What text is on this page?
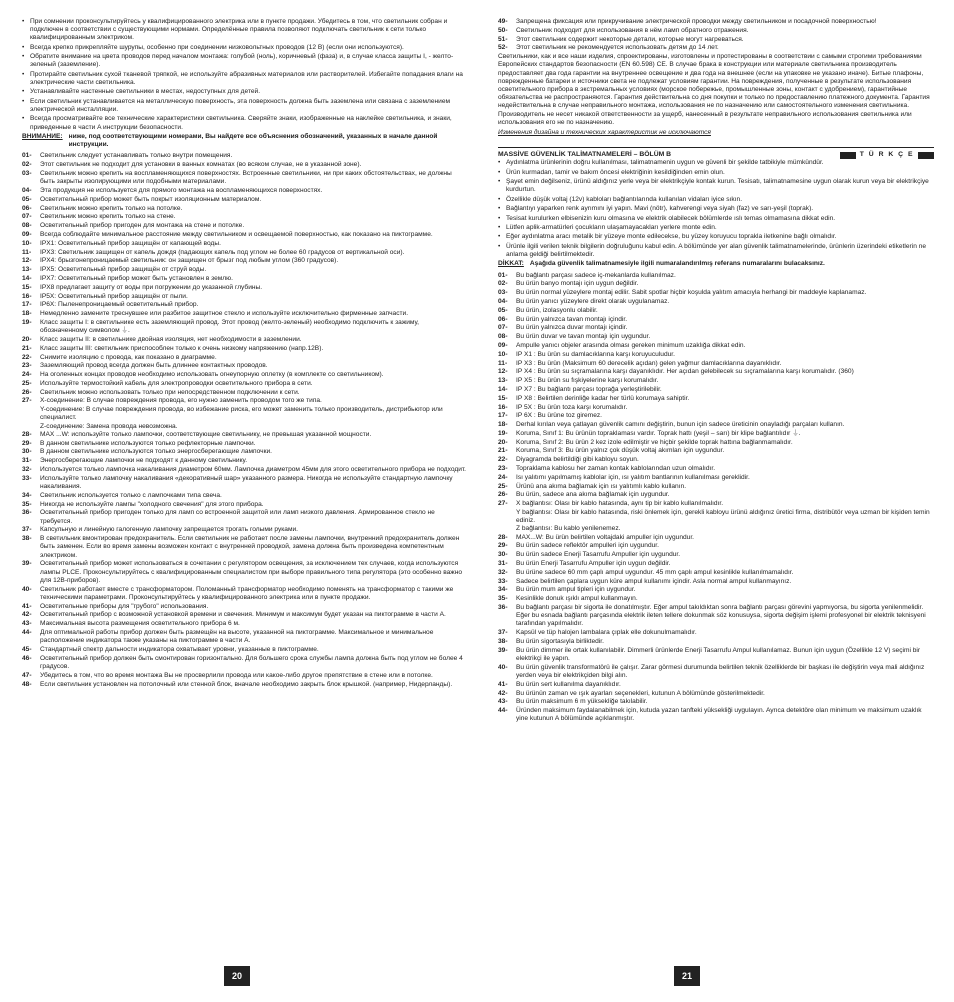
• При сомнении проконсультируйтесь у квалифицированного электрика или в пункте продажи. Убедитесь в том, что светильник собран и подключен в соответствии с существующими нормами. Определённые правила позволяют подключать светильник к сети только квалифицированным электриком.

• Всегда крепко прикрепляйте шурупы, особенно при соединении низковольтных проводов (12 В) (если они используются).

• Обратите внимание на цвета проводов перед началом монтажа: голубой (ноль), коричневый (фаза) и, в случае класса защиты I, - желто-зеленый (заземление).

• Протирайте светильник сухой тканевой тряпкой, не используйте абразивных материалов или растворителей. Избегайте попадания влаги на электрические части светильника.

• Устанавливайте настенные светильники в местах, недоступных для детей.

• Если светильник устанавливается на металлическую поверхность, эта поверхность должна быть заземлена или связана с заземлением электрической инсталляции.

• Всегда просматривайте все технические характеристики светильника. Сверяйте знаки, изображенные на наклейке светильника, и знаки, приведенные в части A инструкции безопасности.

ВНИМАНИЕ: ниже, под соответствующими номерами, Вы найдете все объяснения обозначений, указанных в начале данной инструкции.
01- Светильник следует устанавливать только внутри помещения.
02- Этот светильник не подходит для установки в ванных комнатах (во всяком случае, не в указанной зоне).
03- Светильник можно крепить на воспламеняющихся поверхностях. Встроенные светильники, ни при каких обстоятельствах, не должны быть закрыты изолирующими или подобными материалами.
04- Эта продукция не используется для прямого монтажа на воспламеняющихся поверхностях.
05- Осветительный прибор может быть покрыт изоляционным материалом.
06- Светильник можно крепить только на потолке.
07- Светильник можно крепить только на стене.
08- Осветительный прибор пригоден для монтажа на стене и потолке.
09- Всегда соблюдайте минимальное расстояние между светильником и освещаемой поверхностью, как показано на пиктограмме.
10- IPX1: Осветительный прибор защищён от капающей воды.
11- IPX3: Светильник защищен от капель дождя (падающих капель под углом не более 60 градусов от вертикальной оси).
12- IPX4: брызгонепроницаемый светильник: он защищен от брызг под любым углом (360 градусов).
13- IPX5: Осветительный прибор защищён от струй воды.
14- IPX7: Осветительный прибор может быть установлен в землю.
15- IPX8 предлагает защиту от воды при погружении до указанной глубины.
16- IP5X: Осветительный прибор защищён от пыли.
17- IP6X: Пыленепроницаемый осветительный прибор.
18- Немедленно замените треснувшее или разбитое защитное стекло и используйте исключительно фирменные запчасти.
19- Класс защиты I: в светильнике есть заземляющий провод. Этот провод (желто-зеленый) необходимо подключить к зажиму, обозначенному символом ⏚.
20- Класс защиты II: в светильнике двойная изоляция, нет необходимости в заземлении.
21- Класс защиты III: светильник приспособлен только к очень низкому напряжению (напр.12В).
22- Снимите изоляцию с провода, как показано в диаграмме.
23- Заземляющий провод всегда должен быть длиннее контактных проводов.
24- На оголенных концах проводов необходимо использовать огнеупорную оплетку (в комплекте со светильником).
25- Используйте термостойкий кабель для электропроводки осветительного прибора в сети.
26- Светильник можно использовать только при непосредственном подключении к сети.
27- X-соединение: В случае повреждения провода, его нужно заменить проводом того же типа.

Y-соединение: В случае повреждения провода, во избежание риска, его может заменить только производитель, дистрибьютор или специалист.

Z-соединение: Замена провода невозможна.

28- MAX ...W: используйте только лампочки, соответствующие светильнику, не превышая указанной мощности.
29- В данном светильнике используются только рефлекторные лампочки.
30- В данном светильнике используются только энергосберегающие лампочки.
31- Энергосберегающие лампочки не подходят к данному светильнику.
32- Используется только лампочка накаливания диаметром 60мм. Лампочка диаметром 45мм для этого осветительного прибора не подходит.
33- Используйте только лампочку накаливания «декоративный шар» указанного размера. Никогда не используйте стандартную лампочку накаливания.
34- Светильник используется только с лампочками типа свеча.
35- Никогда не используйте лампы "холодного свечения" для этого прибора.
36- Осветительный прибор пригоден только для ламп со встроенной защитой или ламп низкого давления. Армированное стекло не требуется.
37- Капсульную и линейную галогенную лампочку запрещается трогать голыми руками.
38- В светильник вмонтирован предохранитель. Если светильник не работает после замены лампочки, внутренний предохранитель должен быть заменен. Если во время замены возможен контакт с внутренней проводкой, замена должна быть произведена компетентным электриком.
39- Осветительный прибор может использоваться в сочетании с регулятором освещения, за исключением тех случаев, когда используются лампы PLCE. Проконсультируйтесь с квалифицированным специалистом при выборе правильного типа регулятора (это особенно важно для 12В-приборов).
40- Светильник работает вместе с трансформатором. Поломанный трансформатор необходимо поменять на трансформатор с такими же техническими параметрами. Проконсультируйтесь у квалифицированного электрика или в пункте продажи.
41- Осветительные приборы для "грубого" использования.
42- Осветительный прибор с возможной установкой времени и свечения. Минимум и максимум будет указан на пиктограмме в части A.
43- Максимальная высота размещения осветительного прибора 6 м.
44- Для оптимальной работы прибор должен быть размещён на высоте, указанной на пиктограмме. Максимальное и минимальное расположение индикатора также указаны на пиктограмме в части A.
45- Стандартный спектр дальности индикатора охватывает уровни, указанные в пиктограмме.
46- Осветительный прибор должен быть смонтирован горизонтально. Для большего срока службы лампа должна быть под углом не более 4 градусов.
47- Убедитесь в том, что во время монтажа Вы не просверлили провода или какое-либо другое препятствие в стене или в потолке.
48- Если светильник установлен на потолочный или стенной блок, вначале необходимо закрыть блок крышкой. (например, Нидерланды).
49- Запрещена фиксация или прикручивание электрической проводки между светильником и посадочной поверхностью!
50- Светильник подходит для использования в нём ламп обратного отражения.
51- Этот светильник содержит некоторые детали, которые могут нагреваться.
52- Этот светильник не рекомендуется использовать детям до 14 лет.

Светильники, как и все наши изделия, спроектированы, изготовлены и протестированы в соответствии с самыми строгими требованиями Европейских стандартов безопасности (EN 60.598) CE. В случае брака в конструкции или материале светильника производитель предоставляет два года гарантии на внутреннее освещение и два года на внешнее (если на упаковке не указано иначе). Битые плафоны, поврежденные батареи и источники света не подлежат условиям гарантии. На повреждения, полученные в результате использования осветительного прибора в экстремальных условиях (морское побережье, промышленные зоны, контакт с удобрением), гарантийные обязательства не распространяются. Гарантия действительна со дня покупки и только по предоставлению платежного документа. Гарантия недействительна в случае неправильного монтажа, использования не по назначению или самостоятельного изменения светильника. Производитель не несет никакой ответственности за ущерб, нанесенный в результате неправильного использования светильника или использования его не по назначению.

Изменения дизайна и технических характеристик не исключаются

MASSİVE GÜVENLİK TALİMATNAMELERİ – BÖLÜM B	T Ü R K Ç E

• Aydınlatma ürünlerinin doğru kullanılması, talimatnamenin uygun ve güvenli bir şekilde tatbikiyle mümkündür.

• Ürün kurmadan, tamir ve bakım öncesi elektriğinin kesildiğinden emin olun.

• Şayet emin değilseniz, ürünü aldığınız yerle veya bir elektrikçiyle kontak kurun. Tesisatı, talimatnamesine uygun olarak kurun veya bir elektrikçiye kurdurtun.

• Özellikle düşük voltaj (12v) kabloları bağlantılarında kullanılan vidaları iyice sıkın.

• Bağlantıyı yaparken renk ayrımını iyi yapın. Mavi (nötr), kahverengi veya siyah (faz) ve sarı-yeşil (toprak).

• Tesisat kurulurken elbisenizin kuru olmasına ve elektrik olabilecek bölümlerde ıslı temas olmamasına dikkat edin.

• Lütfen aplik-armatürleri çocukların ulaşamayacakları yerlere monte edin.

• Eğer aydınlatma aracı metalik bir yüzeye monte edilecekse, bu yüzey koruyucu toprakla iletkenine bağlı olmalıdır.

• Ürünle ilgili verilen teknik bilgilerin doğruluğunu kabul edin. A bölümünde yer alan güvenlik talimatnamelerinde, ürünlerin üzerindeki etiketlerin ne anlama geldiği belirtilmektedir.

DİKKAT: Aşağıda güvenlik talimatnamesiyle ilgili numaralandırılmış referans numaralarını bulacaksınız.
01- Bu bağlantı parçası sadece iç-mekanlarda kullanılmaz.
02- Bu ürün banyo montajı için uygun değildir.
03- Bu ürün normal yüzeylere montaj edilir. Sabit spotlar hiçbir koşulda yalıtım amacıyla herhangi bir maddeyle kaplanamaz.
04- Bu ürün yanıcı yüzeylere direkt olarak uygulanamaz.
05- Bu ürün, izolasyonlu olabilir.
06- Bu ürün yalnızca tavan montajı içindir.
07- Bu ürün yalnızca duvar montajı içindir.
08- Bu ürün duvar ve tavan montajı için uygundur.
09- Ampulle yanıcı objeler arasında olması gereken minimum uzaklığa dikkat edin.
10- IP X1 : Bu ürün su damlacıklarına karşı koruyuculudur.
11- IP X3 : Bu ürün (Maksimum 60 derecelik açıdan) gelen yağmur damlacıklarına dayanıklıdır.
12- IP X4 : Bu ürün su sıçramalarına karşı dayanıklıdır. Her açıdan gelebilecek su sıçramalarına karşı korumalıdır. (360)
13- IP X5 : Bu ürün su fışkiyelerine karşı korumalıdır.
14- IP X7 : Bu bağlantı parçası toprağa yerleştirilebilir.
15- IP X8 : Belirtilen derinliğe kadar her türlü korumaya sahiptir.
16- IP 5X : Bu ürün toza karşı korumalıdır.
17- IP 6X : Bu ürüne toz giremez.
18- Derhal kırılan veya çatlayan güvenlik camını değiştirin, bunun için sadece üreticinin onayladığı parçaları kullanın.
19- Koruma, Sınıf 1: Bu ürünün topraklaması vardır. Toprak hattı (yeşil – sarı) bir klipe bağlantılıdır ⏚.
20- Koruma, Sınıf 2: Bu ürün 2 kez izole edilmiştir ve hiçbir şekilde toprak hattına bağlanmamalıdır.
21- Koruma, Sınıf 3: Bu ürün yalnız çok düşük voltaj akımları için uygundur.
22- Diyagramda belirtildiği gibi kabloyu soyun.
23- Topraklama kablosu her zaman kontak kablolarından uzun olmalıdır.
24- Isı yalıtımı yapılmamış kablolar için, ısı yalıtım bantlarının kullanılması gereklidir.
25- Ürünü ana akıma bağlamak için ısı yalıtımlı kablo kullanın.
26- Bu ürün, sadece ana akıma bağlamak için uygundur.
27- X bağlantısı: Olası bir kablo hatasında, aynı tip bir kablo kullanılmalıdır.

Y bağlantısı: Olası bir kablo hatasında, riski önlemek için, gerekli kabloyu ürünü aldığınız üretici firma, distribütör veya uzman bir kişiden temin ediniz.

Z bağlantısı: Bu kablo yenilenemez.

28- MAX...W: Bu ürün belirtilen voltajdaki ampuller için uygundur.
29- Bu ürün sadece reflektör ampulleri için uygundur.
30- Bu ürün sadece Enerji Tasarrufu Ampuller için uygundur.
31- Bu ürün Enerji Tasarrufu Ampuller için uygun değildir.
32- Bu ürüne sadece 60 mm çaplı ampul uygundur. 45 mm çaplı ampul kesinlikle kullanılmamalıdır.
33- Sadece belirtilen çaplara uygun küre ampul kullanımı içindir. Asla normal ampul kullanmayınız.
34- Bu ürün mum ampul tipleri için uygundur.
35- Kesinlikle donuk ışıklı ampul kullanmayın.
36- Bu bağlantı parçası bir sigorta ile donatılmıştır. Eğer ampul takıldıktan sonra bağlantı parçası görevini yapmıyorsa, bu sigorta yenilenmelidir. Eğer bu esnada bağlantı parçasında elektrik ileten tellere dokunmak söz konusuysa, sigorta değişim işlemi profesyonel bir elektrik teknisyeni tarafından yapılmalıdır.
37- Kapsül ve tüp halojen lambalara çıplak elle dokunulmamalıdır.
38- Bu ürün sigortasıyla birliktedir.
39- Bu ürün dimmer ile ortak kullanılabilir. Dimmerli ürünlerde Enerji Tasarrufu Ampul kullanılamaz. Bunun için uygun (Özellikle 12 V) seçimi bir elektrikçi ile yapın.
40- Bu ürün güvenlik transformatörü ile çalışır. Zarar görmesi durumunda belirtilen teknik özelliklerde bir başkası ile değiştirin veya mali aldığınız yerden veya bir elektrikçiden bilgi alın.
41- Bu ürün sert kullanılma dayanıklıdır.
42- Bu ürünün zaman ve ışık ayarları seçenekleri, kutunun A bölümünde gösterilmektedir.
43- Bu ürün maksimum 6 m yüksekliğe takılabilir.
44- Üründen maksimum faydalanabilmek için, kutuda yazan tanfteki yüksekliği uygulayın. Ayrıca detektöre olan minimum ve maksimum uzaklık yine kutunun A bölümünde açıklanmıştır.
20	21
